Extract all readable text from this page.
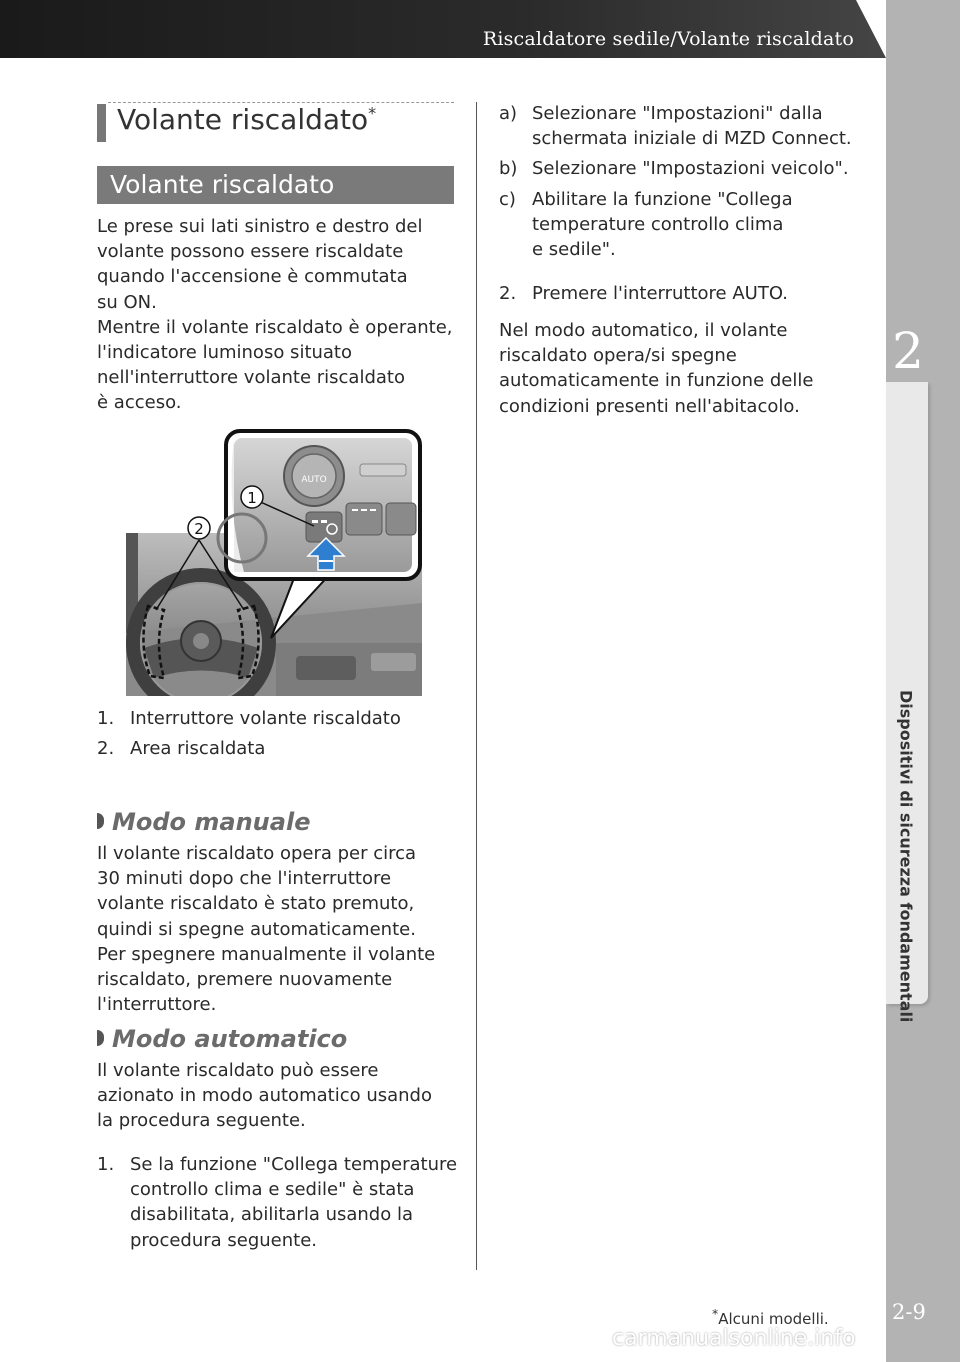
Riscaldatore sedile/Volante riscaldato
2
2-9
Volante riscaldato*
Volante riscaldato

Le prese sui lati sinistro e destro del
volante possono essere riscaldate
quando l'accensione è commutata
su ON.
Mentre il volante riscaldato è operante,
l'indicatore luminoso situato
nell'interruttore volante riscaldato
è acceso.

2
AUTO
1
1. Interruttore volante riscaldato
2. Area riscaldata
Modo manuale

Il volante riscaldato opera per circa
30 minuti dopo che l'interruttore
volante riscaldato è stato premuto,
quindi si spegne automaticamente.
Per spegnere manualmente il volante
riscaldato, premere nuovamente
l'interruttore.

Modo automatico

Il volante riscaldato può essere
azionato in modo automatico usando
la procedura seguente.

1. Se la funzione "Collega temperature
controllo clima e sedile" è stata
disabilitata, abilitarla usando la
procedura seguente.
a) Selezionare "Impostazioni" dalla
schermata iniziale di MZD Connect.
b) Selezionare "Impostazioni veicolo".
c) Abilitare la funzione "Collega
temperature controllo clima
e sedile".
2. Premere l'interruttore AUTO.

Nel modo automatico, il volante
riscaldato opera/si spegne
automaticamente in funzione delle
condizioni presenti nell'abitacolo.

*Alcuni modelli.
carmanualsonline.info
